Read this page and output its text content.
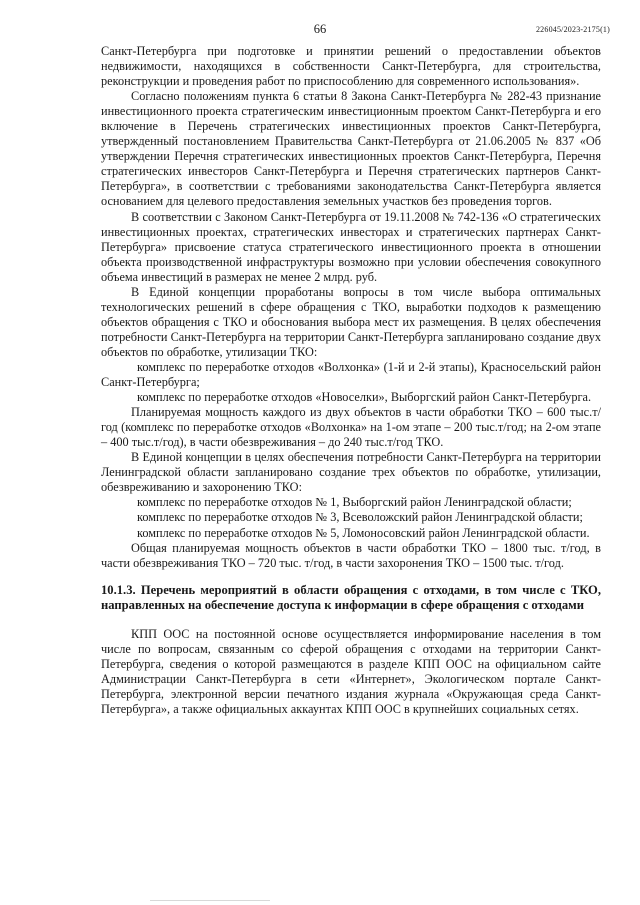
66	226045/2023-2175(1)

Санкт-Петербурга при подготовке и принятии решений о предоставлении объектов недвижимости, находящихся в собственности Санкт-Петербурга, для строительства, реконструкции и проведения работ по приспособлению для современного использования».

Согласно положениям пункта 6 статьи 8 Закона Санкт-Петербурга № 282-43 признание инвестиционного проекта стратегическим инвестиционным проектом Санкт-Петербурга и его включение в Перечень стратегических инвестиционных проектов Санкт-Петербурга, утвержденный постановлением Правительства Санкт-Петербурга от 21.06.2005 № 837 «Об утверждении Перечня стратегических инвестиционных проектов Санкт-Петербурга, Перечня стратегических инвесторов Санкт-Петербурга и Перечня стратегических партнеров Санкт-Петербурга», в соответствии с требованиями законодательства Санкт-Петербурга является основанием для целевого предоставления земельных участков без проведения торгов.

В соответствии с Законом Санкт-Петербурга от 19.11.2008 № 742-136 «О стратегических инвестиционных проектах, стратегических инвесторах и стратегических партнерах Санкт-Петербурга» присвоение статуса стратегического инвестиционного проекта в отношении объекта производственной инфраструктуры возможно при условии обеспечения совокупного объема инвестиций в размерах не менее 2 млрд. руб.

В Единой концепции проработаны вопросы в том числе выбора оптимальных технологических решений в сфере обращения с ТКО, выработки подходов к размещению объектов обращения с ТКО и обоснования выбора мест их размещения. В целях обеспечения потребности Санкт-Петербурга на территории Санкт-Петербурга запланировано создание двух объектов по обработке, утилизации ТКО:

комплекс по переработке отходов «Волхонка» (1-й и 2-й этапы), Красносельский район Санкт-Петербурга;

комплекс по переработке отходов «Новоселки», Выборгский район Санкт-Петербурга.

Планируемая мощность каждого из двух объектов в части обработки ТКО – 600 тыс.т/год (комплекс по переработке отходов «Волхонка» на 1-ом этапе – 200 тыс.т/год; на 2-ом этапе – 400 тыс.т/год), в части обезвреживания – до 240 тыс.т/год ТКО.

В Единой концепции в целях обеспечения потребности Санкт-Петербурга на территории Ленинградской области запланировано создание трех объектов по обработке, утилизации, обезвреживанию и захоронению ТКО:

комплекс по переработке отходов № 1, Выборгский район Ленинградской области;

комплекс по переработке отходов № 3, Всеволожский район Ленинградской области;

комплекс по переработке отходов № 5, Ломоносовский район Ленинградской области.

Общая планируемая мощность объектов в части обработки ТКО – 1800 тыс. т/год, в части обезвреживания ТКО – 720 тыс. т/год, в части захоронения ТКО – 1500 тыс. т/год.

10.1.3. Перечень мероприятий в области обращения с отходами, в том числе с ТКО, направленных на обеспечение доступа к информации в сфере обращения с отходами

КПП ООС на постоянной основе осуществляется информирование населения в том числе по вопросам, связанным со сферой обращения с отходами на территории Санкт-Петербурга, сведения о которой размещаются в разделе КПП ООС на официальном сайте Администрации Санкт-Петербурга в сети «Интернет», Экологическом портале Санкт-Петербурга, электронной версии печатного издания журнала «Окружающая среда Санкт-Петербурга», а также официальных аккаунтах КПП ООС в крупнейших социальных сетях.
